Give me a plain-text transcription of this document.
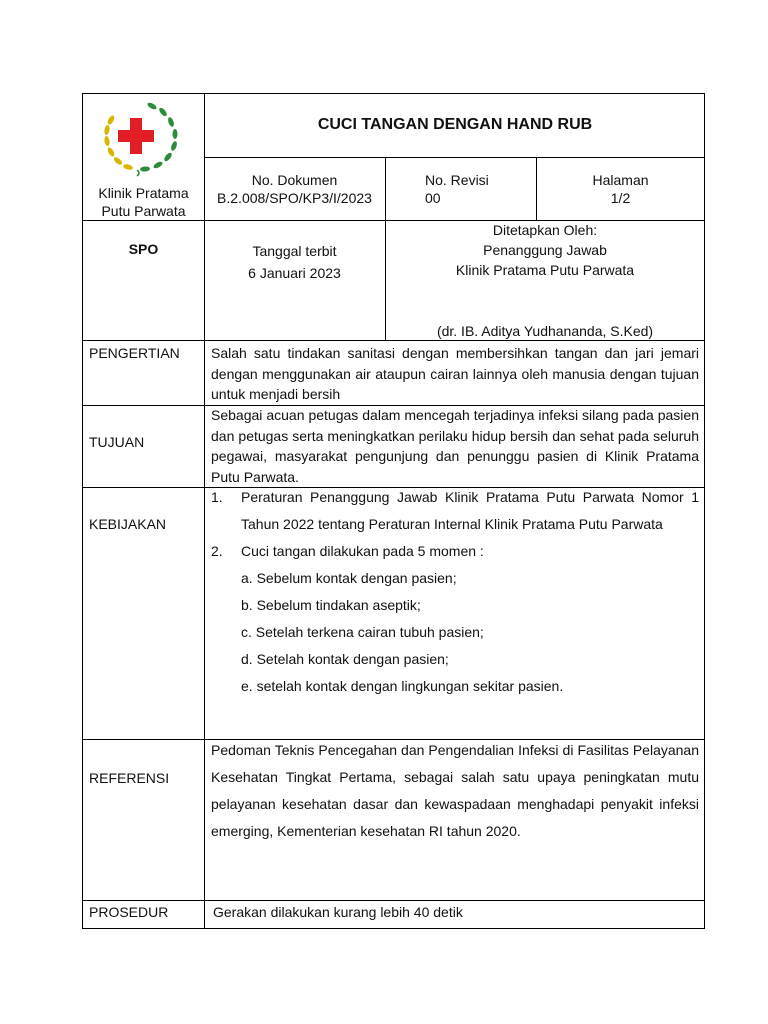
Klinik Pratama
Putu Parwata
CUCI TANGAN DENGAN HAND RUB
No. Dokumen
B.2.008/SPO/KP3/I/2023
No. Revisi
00
Halaman
1/2
SPO	Tanggal terbit
6 Januari 2023
Ditetapkan Oleh:
Penanggung Jawab
Klinik Pratama Putu Parwata
(dr. IB. Aditya Yudhananda, S.Ked)
PENGERTIAN Salah satu tindakan sanitasi dengan membersihkan tangan dan jari jemari dengan menggunakan air ataupun cairan lainnya oleh manusia dengan tujuan untuk menjadi bersih
TUJUAN
Sebagai acuan petugas dalam mencegah terjadinya infeksi silang pada pasien dan petugas serta meningkatkan perilaku hidup bersih dan sehat pada seluruh pegawai, masyarakat pengunjung dan penunggu pasien di Klinik Pratama Putu Parwata.
KEBIJAKAN
1. Peraturan Penanggung Jawab Klinik Pratama Putu Parwata Nomor 1 Tahun 2022 tentang Peraturan Internal Klinik Pratama Putu Parwata
2. Cuci tangan dilakukan pada 5 momen :
a. Sebelum kontak dengan pasien;
b. Sebelum tindakan aseptik;
c. Setelah terkena cairan tubuh pasien;
d. Setelah kontak dengan pasien;
e. setelah kontak dengan lingkungan sekitar pasien.
REFERENSI
Pedoman Teknis Pencegahan dan Pengendalian Infeksi di Fasilitas Pelayanan Kesehatan Tingkat Pertama, sebagai salah satu upaya peningkatan mutu pelayanan kesehatan dasar dan kewaspadaan menghadapi penyakit infeksi emerging, Kementerian kesehatan RI tahun 2020.
PROSEDUR	Gerakan dilakukan kurang lebih 40 detik
